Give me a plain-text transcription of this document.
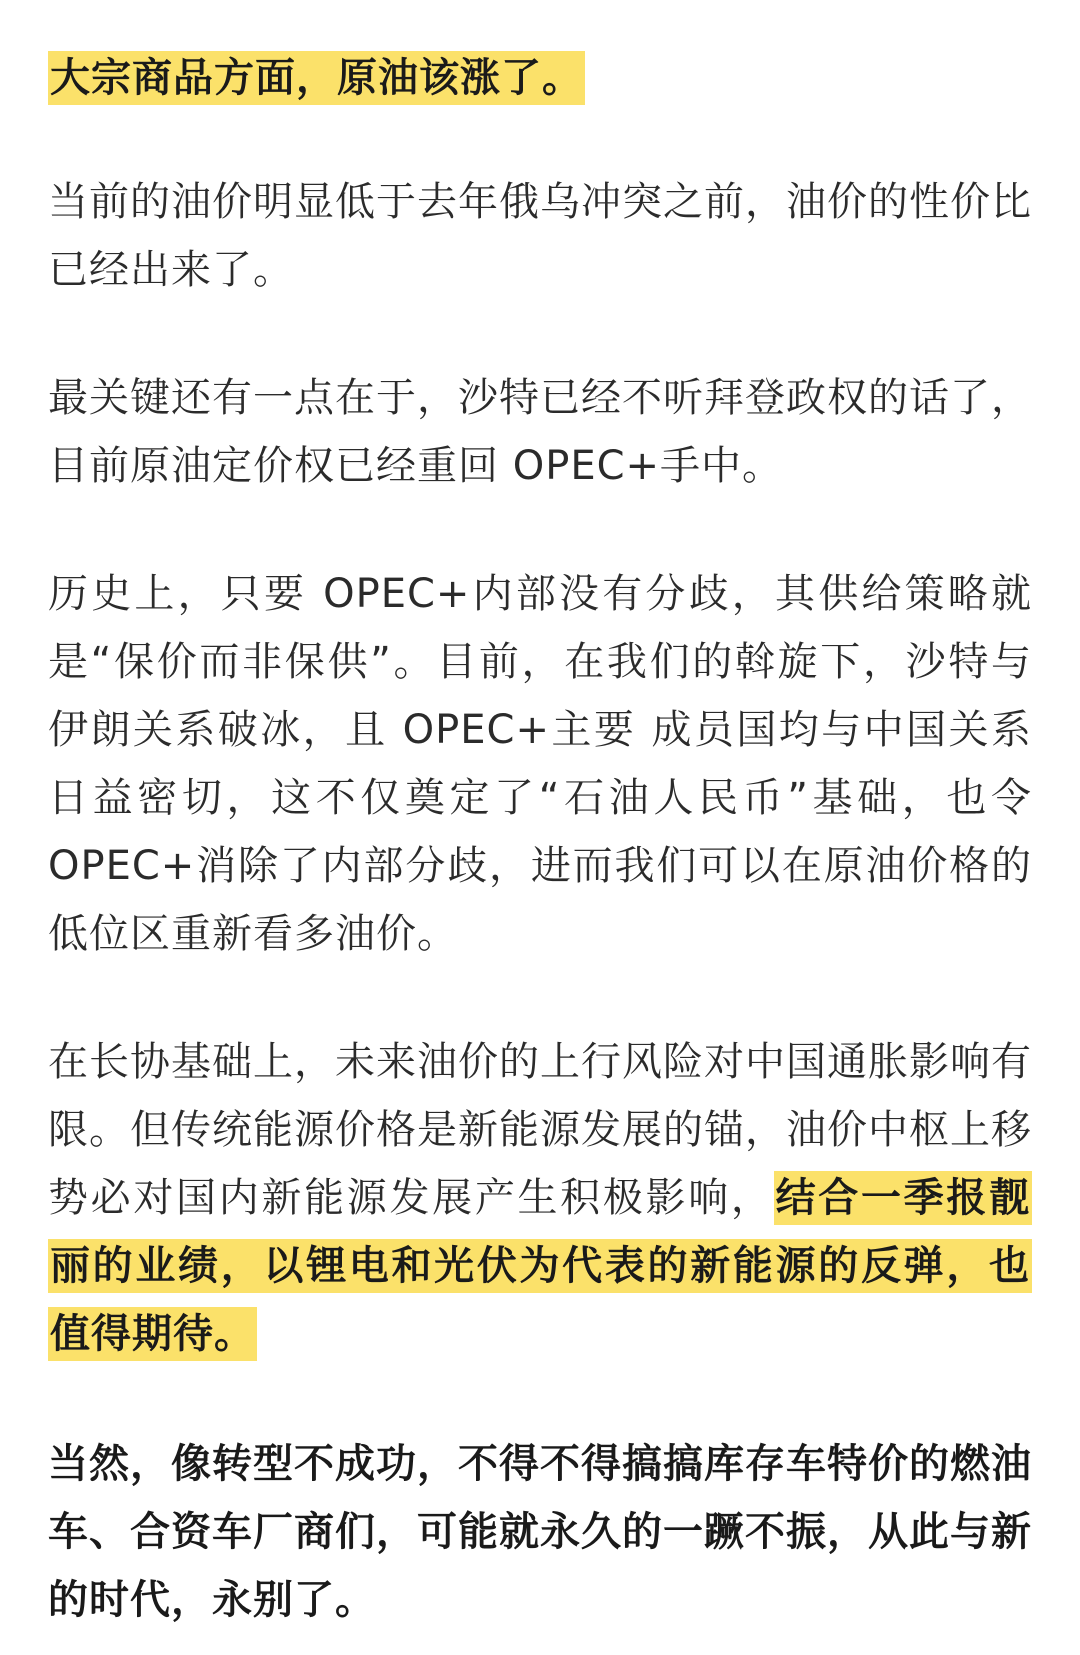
大宗商品方面，原油该涨了。

当前的油价明显低于去年俄乌冲突之前，油价的性价比已经出来了。

最关键还有一点在于，沙特已经不听拜登政权的话了，目前原油定价权已经重回 OPEC+手中。

历史上，只要 OPEC+内部没有分歧，其供给策略就是“保价而非保供”。目前，在我们的斡旋下，沙特与伊朗关系破冰，且 OPEC+主要 成员国均与中国关系日益密切，这不仅奠定了“石油人民币”基础，也令 OPEC+消除了内部分歧，进而我们可以在原油价格的低位区重新看多油价。

在长协基础上，未来油价的上行风险对中国通胀影响有限。但传统能源价格是新能源发展的锚，油价中枢上移势必对国内新能源发展产生积极影响，结合一季报靓丽的业绩，以锂电和光伏为代表的新能源的反弹，也值得期待。

当然，像转型不成功，不得不得搞搞库存车特价的燃油车、合资车厂商们，可能就永久的一蹶不振，从此与新的时代，永别了。
